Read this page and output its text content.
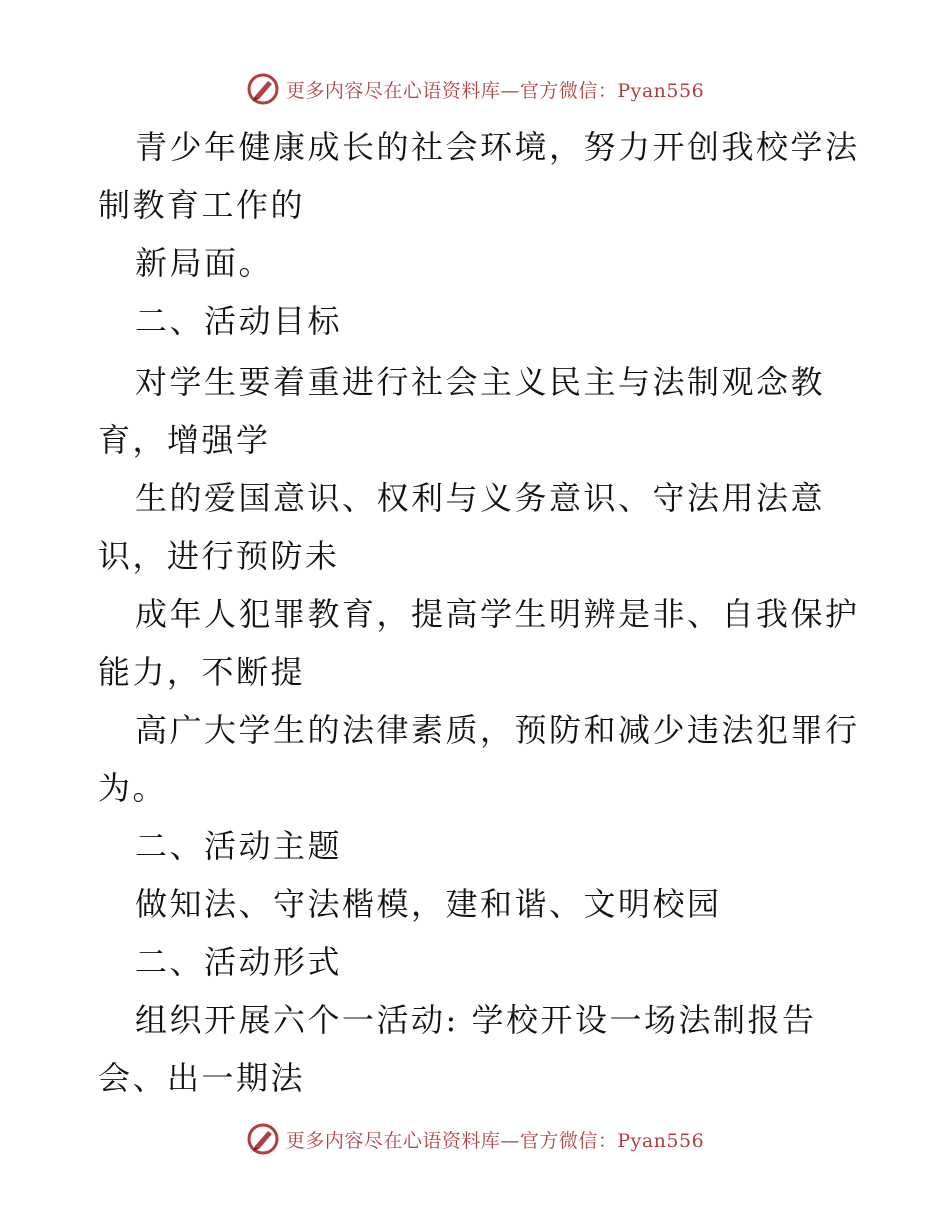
更多内容尽在心语资料库—官方微信：Pyan556
青少年健康成长的社会环境，努力开创我校学法
制教育工作的
新局面。
二、活动目标
对学生要着重进行社会主义民主与法制观念教
育，增强学
生的爱国意识、权利与义务意识、守法用法意
识，进行预防未
成年人犯罪教育，提高学生明辨是非、自我保护
能力，不断提
高广大学生的法律素质，预防和减少违法犯罪行
为。
二、活动主题
做知法、守法楷模，建和谐、文明校园
二、活动形式
组织开展六个一活动: 学校开设一场法制报告
会、出一期法
更多内容尽在心语资料库—官方微信：Pyan556
